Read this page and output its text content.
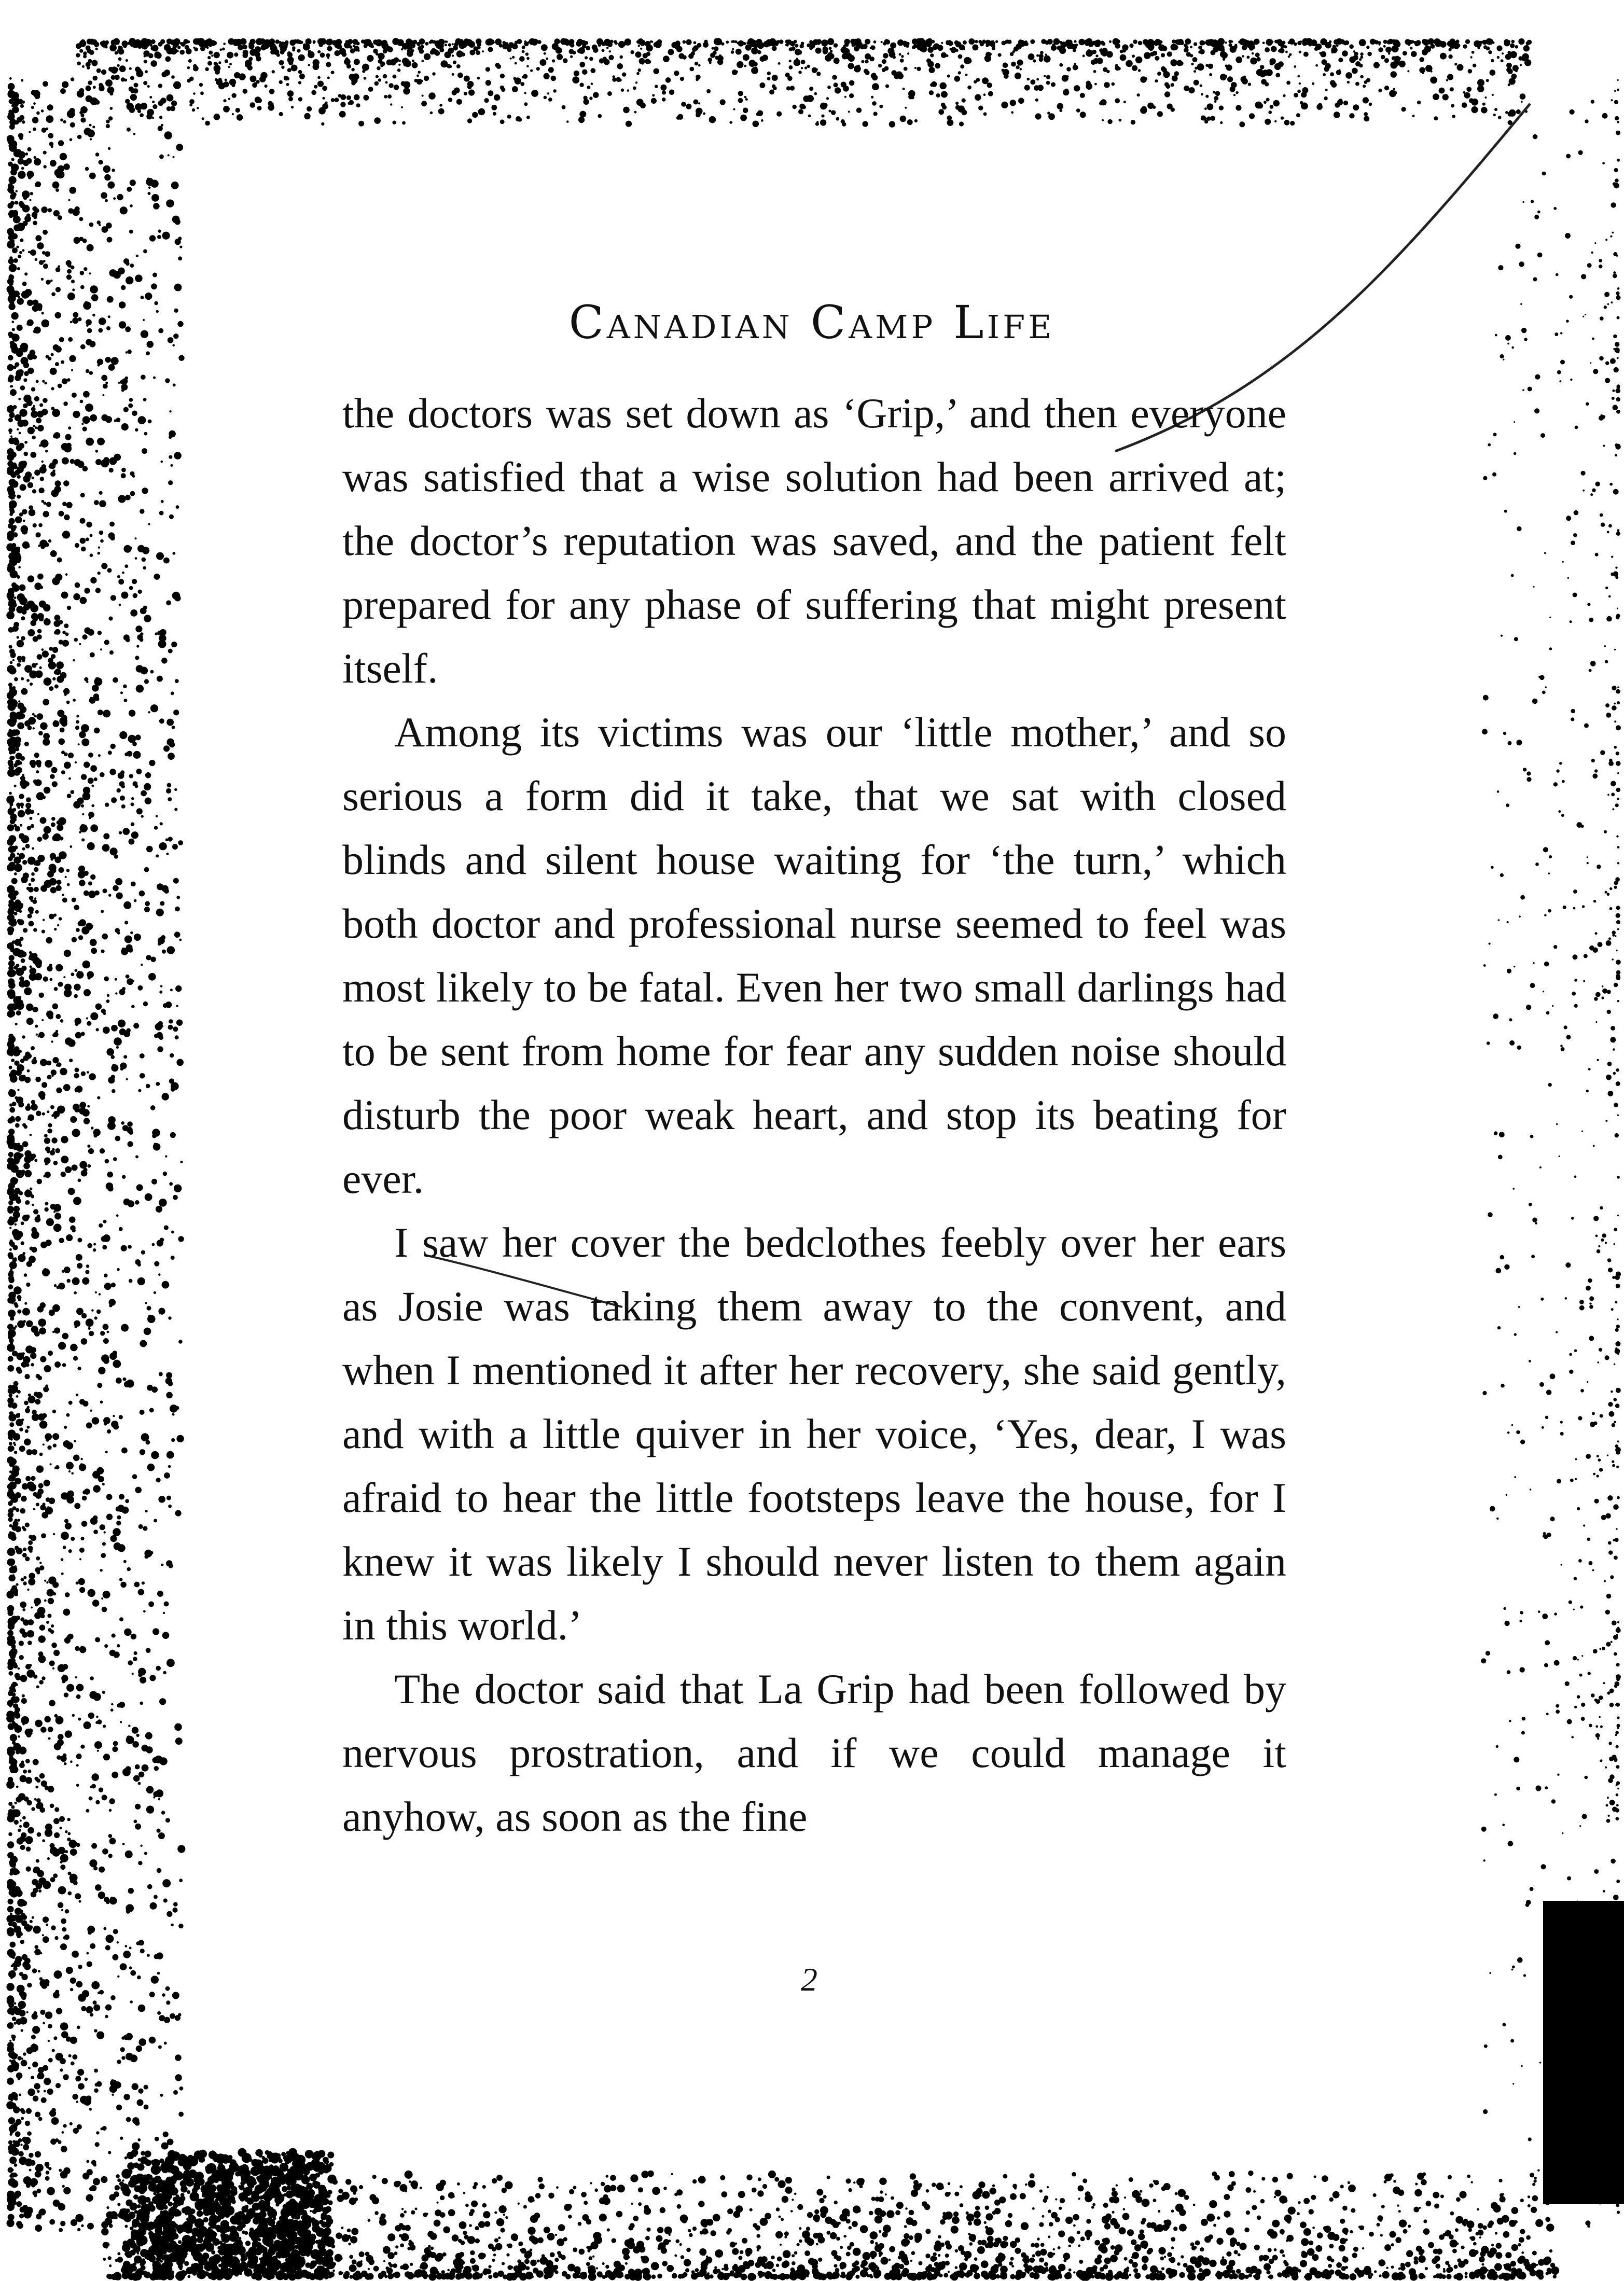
Canadian Camp Life

the doctors was set down as ‘Grip,’ and then everyone was satisfied that a wise solution had been arrived at; the doctor’s reputation was saved, and the patient felt prepared for any phase of suffering that might present itself.

Among its victims was our ‘little mother,’ and so serious a form did it take, that we sat with closed blinds and silent house waiting for ‘the turn,’ which both doctor and professional nurse seemed to feel was most likely to be fatal. Even her two small darlings had to be sent from home for fear any sudden noise should disturb the poor weak heart, and stop its beating for ever.

I saw her cover the bedclothes feebly over her ears as Josie was taking them away to the convent, and when I mentioned it after her recovery, she said gently, and with a little quiver in her voice, ‘Yes, dear, I was afraid to hear the little footsteps leave the house, for I knew it was likely I should never listen to them again in this world.’

The doctor said that La Grip had been followed by nervous prostration, and if we could manage it anyhow, as soon as the fine

2
